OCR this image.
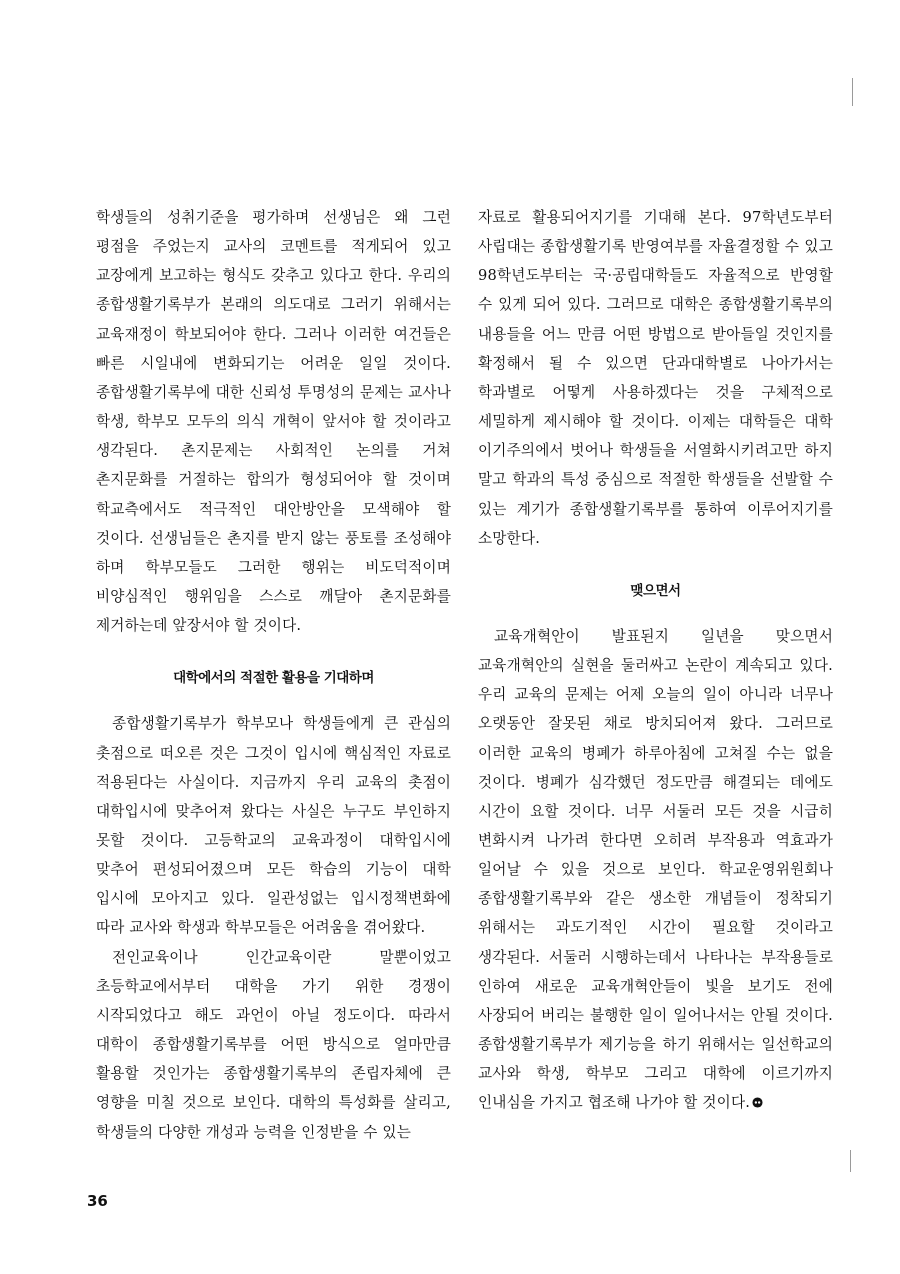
학생들의 성취기준을 평가하며 선생님은 왜 그런 평점을 주었는지 교사의 코멘트를 적게되어 있고 교장에게 보고하는 형식도 갖추고 있다고 한다. 우리의 종합생활기록부가 본래의 의도대로 그러기 위해서는 교육재정이 학보되어야 한다. 그러나 이러한 여건들은 빠른 시일내에 변화되기는 어려운 일일 것이다. 종합생활기록부에 대한 신뢰성 투명성의 문제는 교사나 학생, 학부모 모두의 의식 개혁이 앞서야 할 것이라고 생각된다. 촌지문제는 사회적인 논의를 거쳐 촌지문화를 거절하는 합의가 형성되어야 할 것이며 학교측에서도 적극적인 대안방안을 모색해야 할 것이다. 선생님들은 촌지를 받지 않는 풍토를 조성해야 하며 학부모들도 그러한 행위는 비도덕적이며 비양심적인 행위임을 스스로 깨달아 촌지문화를 제거하는데 앞장서야 할 것이다.

대학에서의 적절한 활용을 기대하며

종합생활기록부가 학부모나 학생들에게 큰 관심의 촛점으로 떠오른 것은 그것이 입시에 핵심적인 자료로 적용된다는 사실이다. 지금까지 우리 교육의 촛점이 대학입시에 맞추어져 왔다는 사실은 누구도 부인하지 못할 것이다. 고등학교의 교육과정이 대학입시에 맞추어 편성되어졌으며 모든 학습의 기능이 대학 입시에 모아지고 있다. 일관성없는 입시정책변화에 따라 교사와 학생과 학부모들은 어려움을 겪어왔다.

전인교육이나 인간교육이란 말뿐이었고 초등학교에서부터 대학을 가기 위한 경쟁이 시작되었다고 해도 과언이 아닐 정도이다. 따라서 대학이 종합생활기록부를 어떤 방식으로 얼마만큼 활용할 것인가는 종합생활기록부의 존립자체에 큰 영향을 미칠 것으로 보인다. 대학의 특성화를 살리고, 학생들의 다양한 개성과 능력을 인정받을 수 있는

자료로 활용되어지기를 기대해 본다. 97학년도부터 사립대는 종합생활기록 반영여부를 자율결정할 수 있고 98학년도부터는 국·공립대학들도 자율적으로 반영할 수 있게 되어 있다. 그러므로 대학은 종합생활기록부의 내용들을 어느 만큼 어떤 방법으로 받아들일 것인지를 확정해서 될 수 있으면 단과대학별로 나아가서는 학과별로 어떻게 사용하겠다는 것을 구체적으로 세밀하게 제시해야 할 것이다. 이제는 대학들은 대학 이기주의에서 벗어나 학생들을 서열화시키려고만 하지 말고 학과의 특성 중심으로 적절한 학생들을 선발할 수 있는 계기가 종합생활기록부를 통하여 이루어지기를 소망한다.

맺으면서

교육개혁안이 발표된지 일년을 맞으면서 교육개혁안의 실현을 둘러싸고 논란이 계속되고 있다. 우리 교육의 문제는 어제 오늘의 일이 아니라 너무나 오랫동안 잘못된 채로 방치되어져 왔다. 그러므로 이러한 교육의 병폐가 하루아침에 고쳐질 수는 없을 것이다. 병폐가 심각했던 정도만큼 해결되는 데에도 시간이 요할 것이다. 너무 서둘러 모든 것을 시급히 변화시켜 나가려 한다면 오히려 부작용과 역효과가 일어날 수 있을 것으로 보인다. 학교운영위원회나 종합생활기록부와 같은 생소한 개념들이 정착되기 위해서는 과도기적인 시간이 필요할 것이라고 생각된다. 서둘러 시행하는데서 나타나는 부작용들로 인하여 새로운 교육개혁안들이 빛을 보기도 전에 사장되어 버리는 불행한 일이 일어나서는 안될 것이다. 종합생활기록부가 제기능을 하기 위해서는 일선학교의 교사와 학생, 학부모 그리고 대학에 이르기까지 인내심을 가지고 협조해 나가야 할 것이다.

36
